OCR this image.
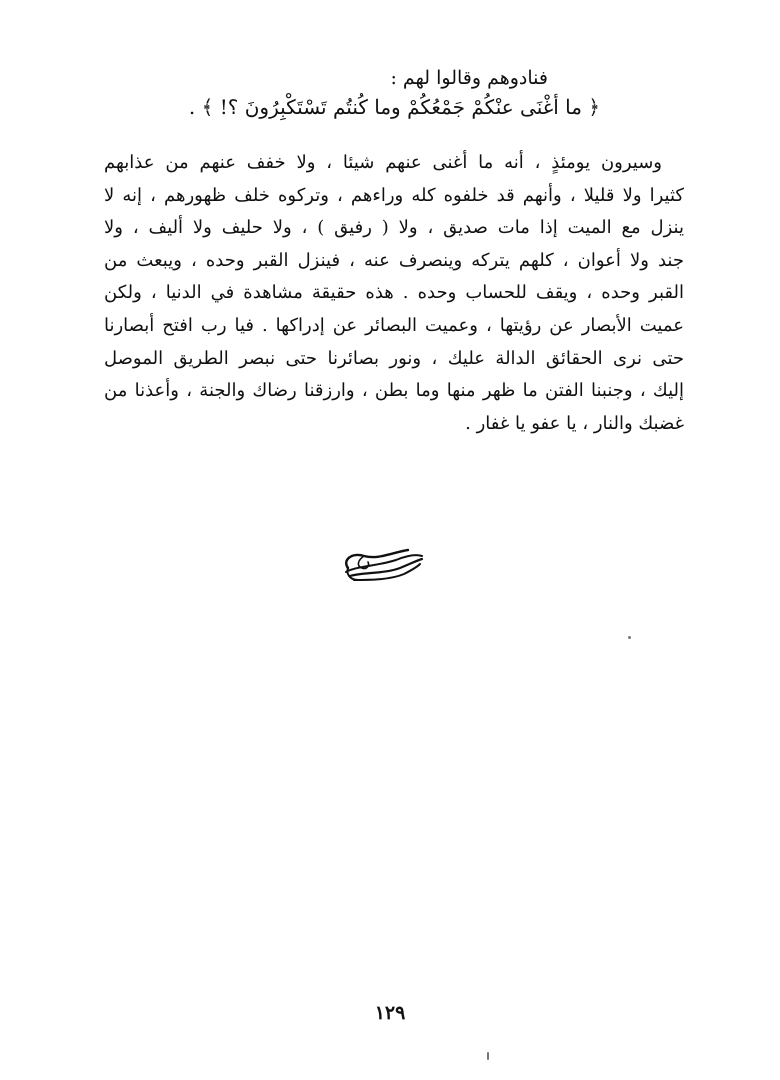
فنادوهم وقالوا لهم :
﴿ ما أغْنَى عنْكُمْ جَمْعُكُمْ وما كُنتُم تَسْتَكْبِرُونَ ؟! ﴾ .
وسيرون يومئذٍ ، أنه ما أغنى عنهم شيئا ، ولا خفف عنهم من عذابهم
كثيرا ولا قليلا ، وأنهم قد خلفوه كله وراءهم ، وتركوه خلف ظهورهم ، إنه لا
ينزل مع الميت إذا مات صديق ، ولا ( رفيق ) ، ولا حليف ولا أليف ، ولا
جند ولا أعوان ، كلهم يتركه وينصرف عنه ، فينزل القبر وحده ، ويبعث من
القبر وحده ، ويقف للحساب وحده . هذه حقيقة مشاهدة في الدنيا ، ولكن
عميت الأبصار عن رؤيتها ، وعميت البصائر عن إدراكها . فيا رب افتح أبصارنا
حتى نرى الحقائق الدالة عليك ، ونور بصائرنا حتى نبصر الطريق الموصل
إليك ، وجنبنا الفتن ما ظهر منها وما بطن ، وارزقنا رضاك والجنة ، وأعذنا من
غضبك والنار ، يا عفو يا غفار .
١٢٩
